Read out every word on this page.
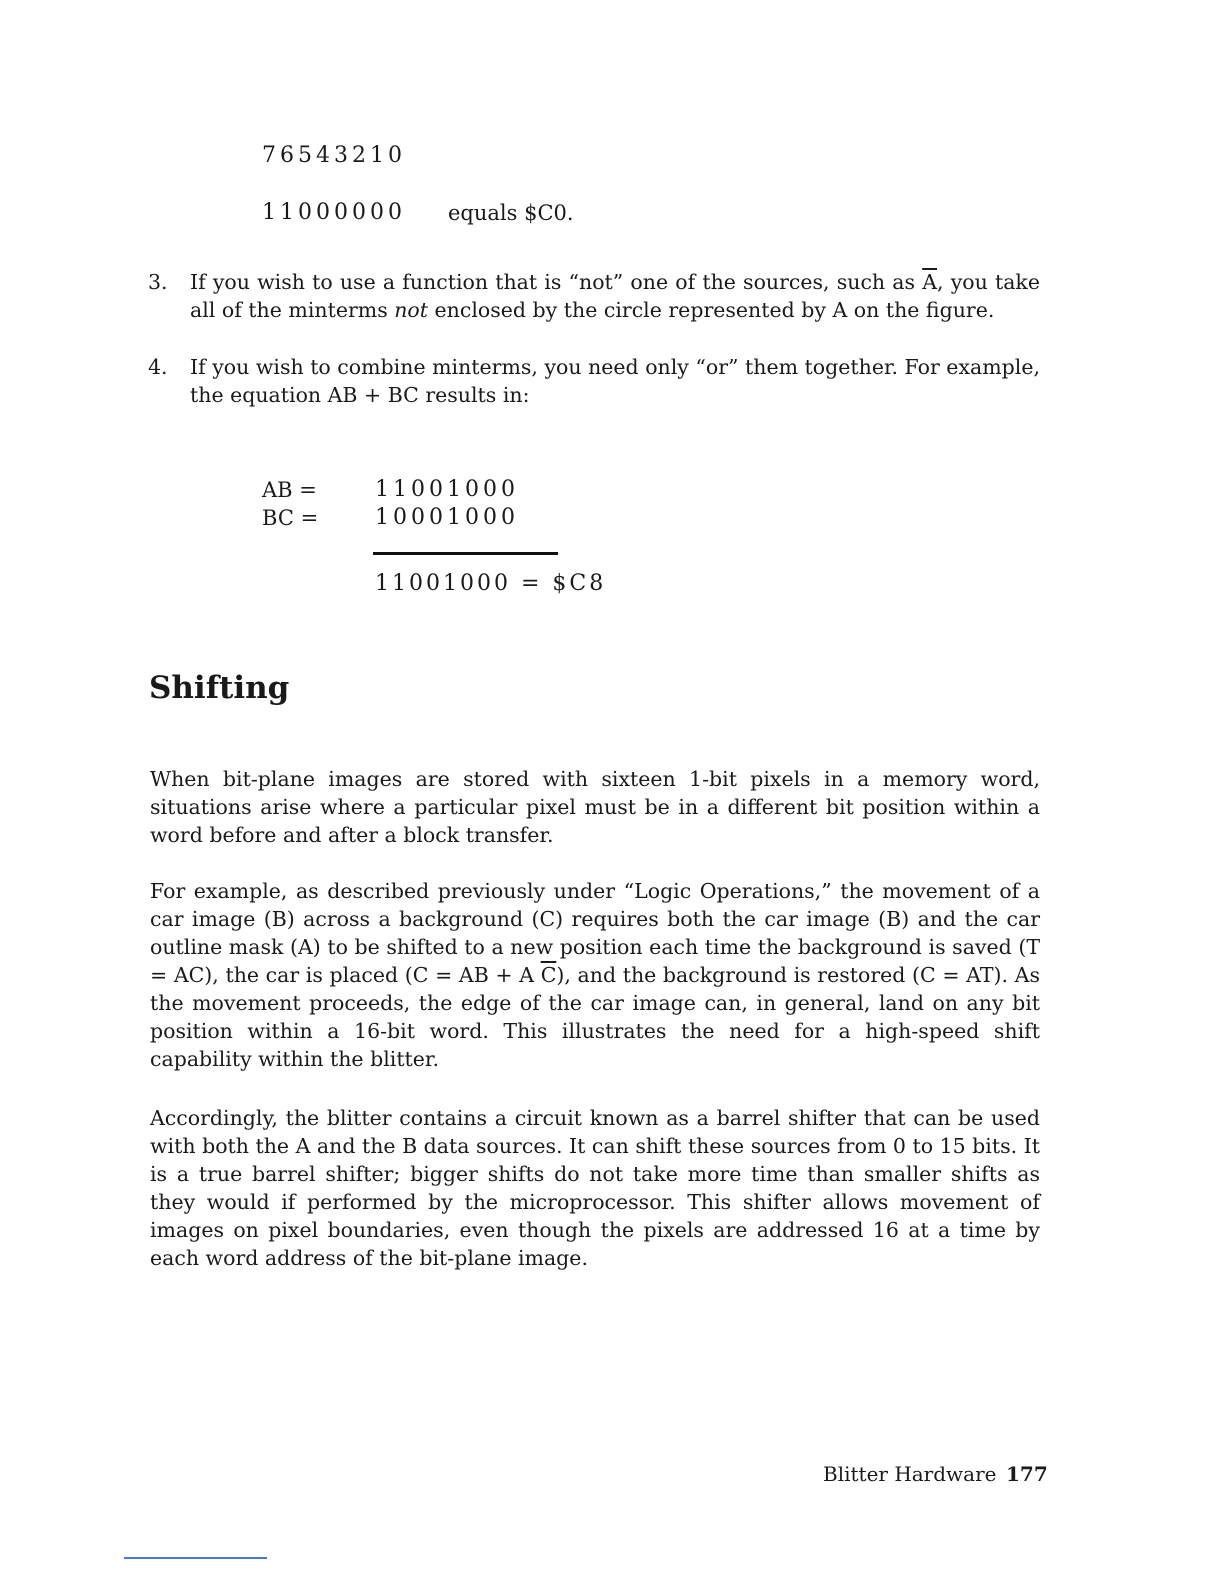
76543210
11000000 equals $C0.
3. If you wish to use a function that is “not” one of the sources, such as $\overline{A}$, you take all of the minterms not enclosed by the circle represented by A on the figure.
4. If you wish to combine minterms, you need only “or” them together. For example, the equation AB + BC results in:
AB =	11001000
BC =	10001000
11001000 = $C8
Shifting
When bit-plane images are stored with sixteen 1-bit pixels in a memory word, situations arise where a particular pixel must be in a different bit position within a word before and after a block transfer.
For example, as described previously under “Logic Operations,” the movement of a car image (B) across a background (C) requires both the car image (B) and the car outline mask (A) to be shifted to a new position each time the background is saved (T = AC), the car is placed (C = AB + A $\overline{C}$), and the background is restored (C = AT). As the movement proceeds, the edge of the car image can, in general, land on any bit position within a 16-bit word. This illustrates the need for a high-speed shift capability within the blitter.
Accordingly, the blitter contains a circuit known as a barrel shifter that can be used with both the A and the B data sources. It can shift these sources from 0 to 15 bits. It is a true barrel shifter; bigger shifts do not take more time than smaller shifts as they would if performed by the microprocessor. This shifter allows movement of images on pixel boundaries, even though the pixels are addressed 16 at a time by each word address of the bit-plane image.
Blitter Hardware 177
